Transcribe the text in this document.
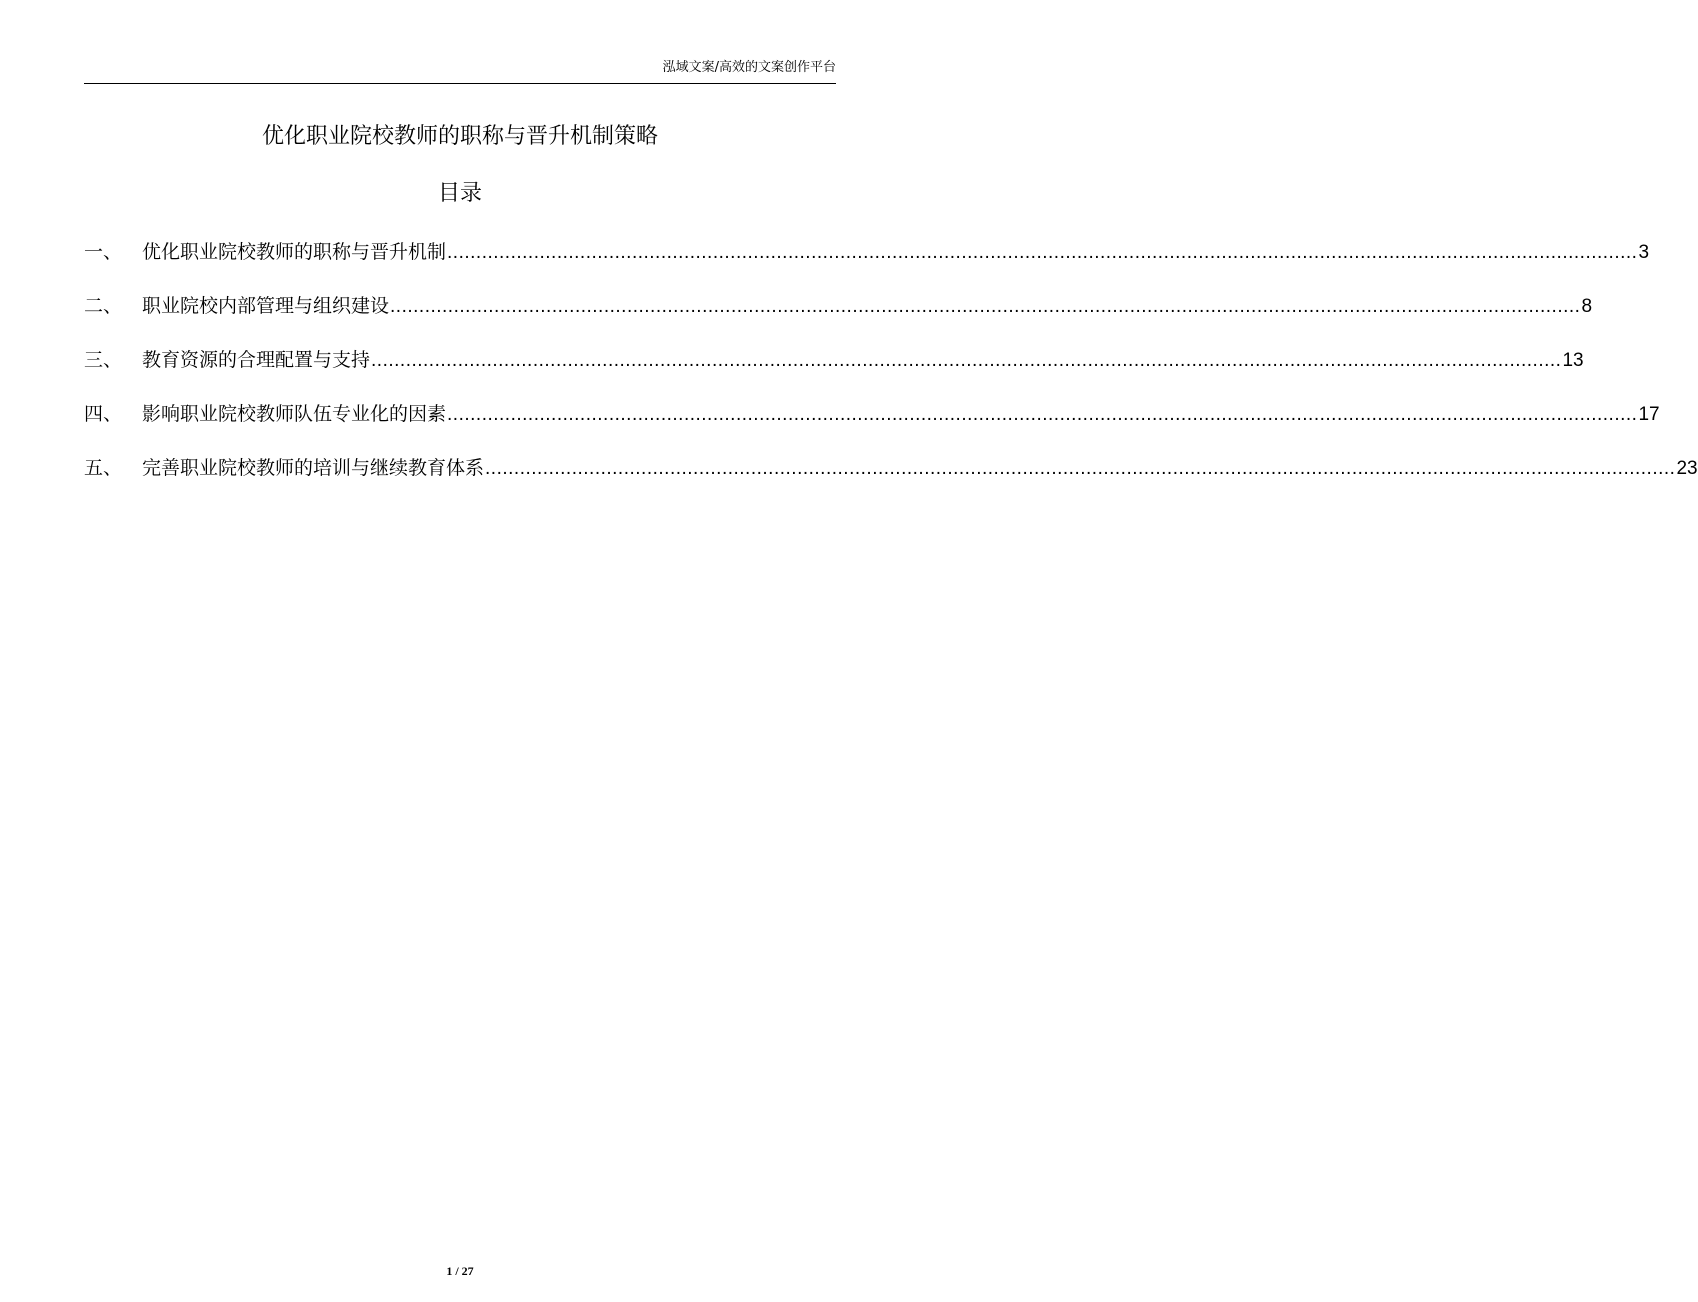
泓域文案/高效的文案创作平台
优化职业院校教师的职称与晋升机制策略
目录
一、	优化职业院校教师的职称与晋升机制 .............................................................................................................................................................................................................. 3
二、	职业院校内部管理与组织建设 .............................................................................................................................................................................................................. 8
三、	教育资源的合理配置与支持 .............................................................................................................................................................................................................. 13
四、	影响职业院校教师队伍专业化的因素 .............................................................................................................................................................................................................. 17
五、	完善职业院校教师的培训与继续教育体系 .............................................................................................................................................................................................................. 23
1 / 27
